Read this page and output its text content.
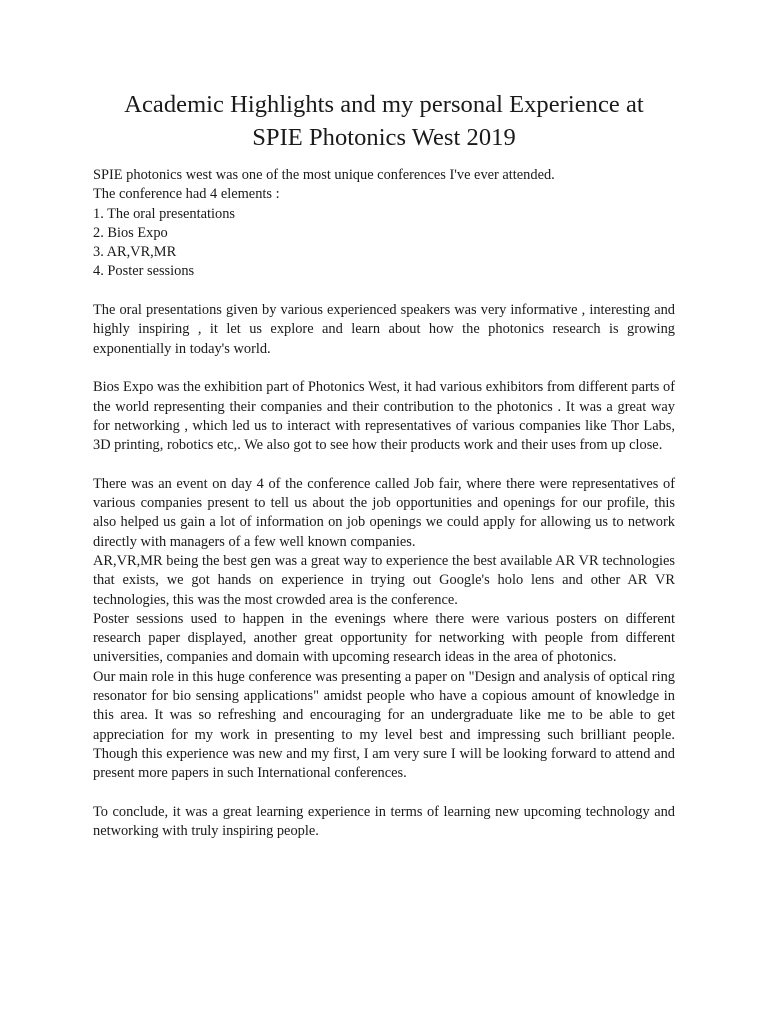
Academic Highlights and my personal Experience at
SPIE Photonics West 2019

SPIE photonics west was one of the most unique conferences I've ever attended.

The conference had 4 elements :

1. The oral presentations

2. Bios Expo

3. AR,VR,MR

4. Poster sessions

The oral presentations given by various experienced speakers was very informative , interesting and highly inspiring , it let us explore and learn about how the photonics research is growing exponentially in today's world.

Bios Expo was the exhibition part of Photonics West, it had various exhibitors from different parts of the world representing their companies and their contribution to the photonics . It was a great way for networking , which led us to interact with representatives of various companies like Thor Labs, 3D printing, robotics etc,. We also got to see how their products work and their uses from up close.

There was an event on day 4 of the conference called Job fair, where there were representatives of various companies present to tell us about the job opportunities and openings for our profile, this also helped us gain a lot of information on job openings we could apply for allowing us to network directly with managers of a few well known companies.

AR,VR,MR being the best gen was a great way to experience the best available AR VR technologies that exists, we got hands on experience in trying out Google's holo lens and other AR VR technologies, this was the most crowded area is the conference.

Poster sessions used to happen in the evenings where there were various posters on different research paper displayed, another great opportunity for networking with people from different universities, companies and domain with upcoming research ideas in the area of photonics.

Our main role in this huge conference was presenting a paper on "Design and analysis of optical ring resonator for bio sensing applications" amidst people who have a copious amount of knowledge in this area. It was so refreshing and encouraging for an undergraduate like me to be able to get appreciation for my work in presenting to my level best and impressing such brilliant people. Though this experience was new and my first, I am very sure I will be looking forward to attend and present more papers in such International conferences.

To conclude, it was a great learning experience in terms of learning new upcoming technology and networking with truly inspiring people.
